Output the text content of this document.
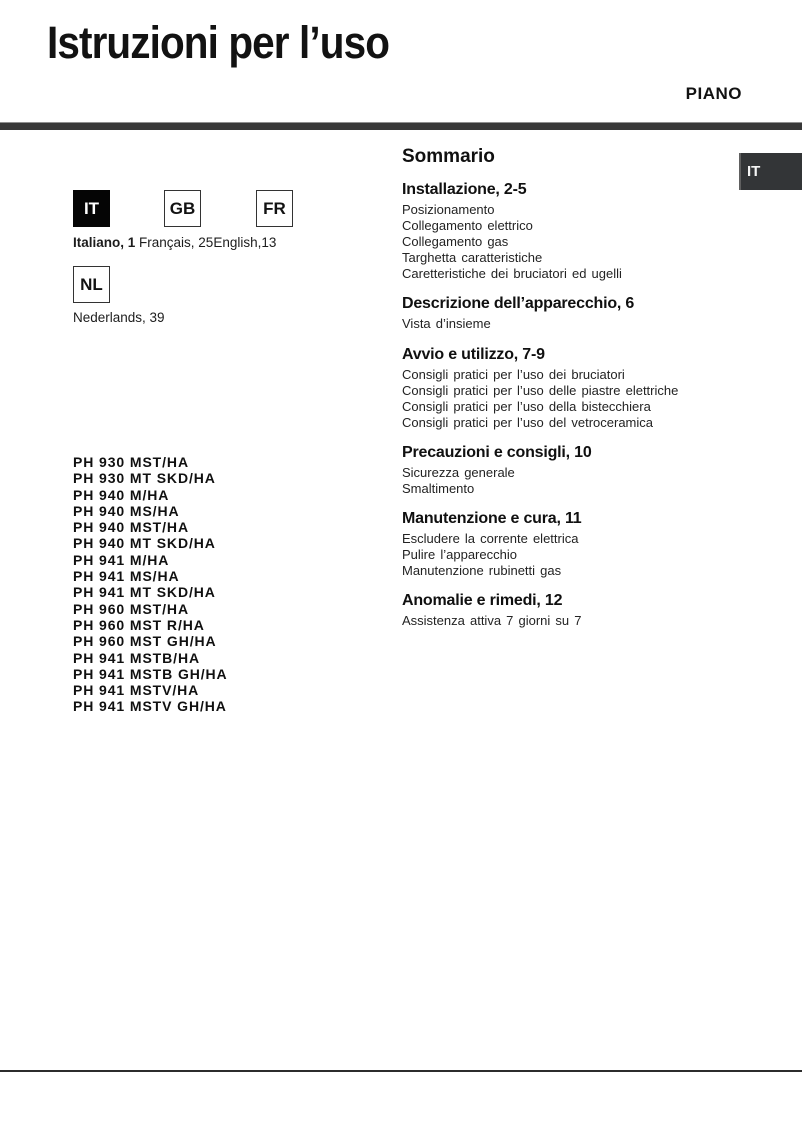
Istruzioni per l’uso
PIANO
IT
IT	GB	FR
Italiano, 1 Français, 25English,13
NL
Nederlands, 39
PH 930 MST/HA
PH 930 MT SKD/HA
PH 940 M/HA
PH 940 MS/HA
PH 940 MST/HA
PH 940 MT SKD/HA
PH 941 M/HA
PH 941 MS/HA
PH 941 MT SKD/HA
PH 960 MST/HA
PH 960 MST R/HA
PH 960 MST GH/HA
PH 941 MSTB/HA
PH 941 MSTB GH/HA
PH 941 MSTV/HA
PH 941 MSTV GH/HA
Sommario
Installazione, 2-5
Posizionamento
Collegamento elettrico
Collegamento gas
Targhetta caratteristiche
Caretteristiche dei bruciatori ed ugelli
Descrizione dell’apparecchio, 6
Vista d’insieme
Avvio e utilizzo, 7-9
Consigli pratici per l’uso dei bruciatori
Consigli pratici per l’uso delle piastre elettriche
Consigli pratici per l’uso della bistecchiera
Consigli pratici per l’uso del vetroceramica
Precauzioni e consigli, 10
Sicurezza generale
Smaltimento
Manutenzione e cura, 11
Escludere la corrente elettrica
Pulire l’apparecchio
Manutenzione rubinetti gas
Anomalie e rimedi, 12
Assistenza attiva 7 giorni su 7
